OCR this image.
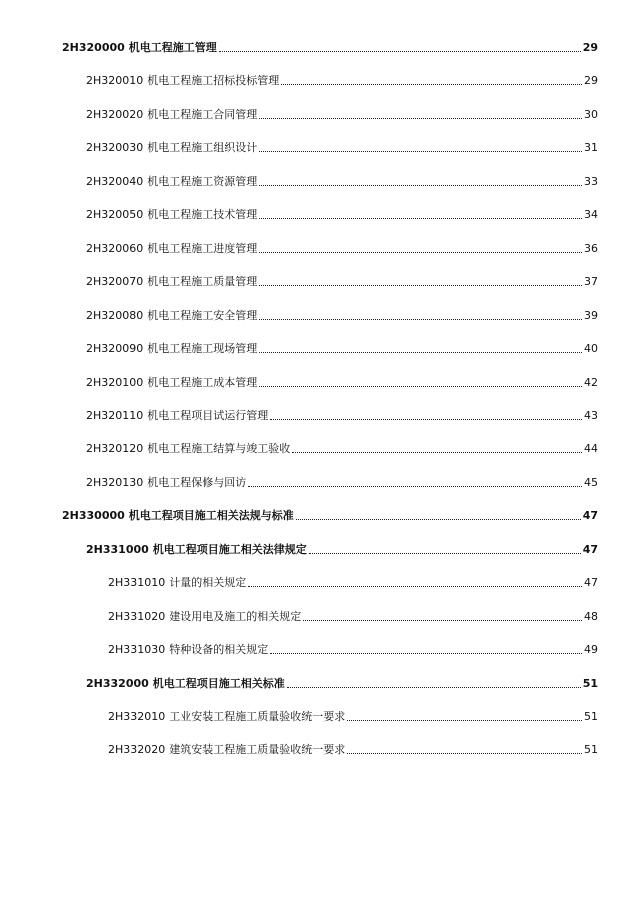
2H320000 机电工程施工管理	29
2H320010 机电工程施工招标投标管理	29
2H320020 机电工程施工合同管理	30
2H320030 机电工程施工组织设计	31
2H320040 机电工程施工资源管理	33
2H320050 机电工程施工技术管理	34
2H320060 机电工程施工进度管理	36
2H320070 机电工程施工质量管理	37
2H320080 机电工程施工安全管理	39
2H320090 机电工程施工现场管理	40
2H320100 机电工程施工成本管理	42
2H320110 机电工程项目试运行管理	43
2H320120 机电工程施工结算与竣工验收	44
2H320130 机电工程保修与回访	45
2H330000 机电工程项目施工相关法规与标准	47
2H331000 机电工程项目施工相关法律规定	47
2H331010 计量的相关规定	47
2H331020 建设用电及施工的相关规定	48
2H331030 特种设备的相关规定	49
2H332000 机电工程项目施工相关标准	51
2H332010 工业安装工程施工质量验收统一要求	51
2H332020 建筑安装工程施工质量验收统一要求	51
